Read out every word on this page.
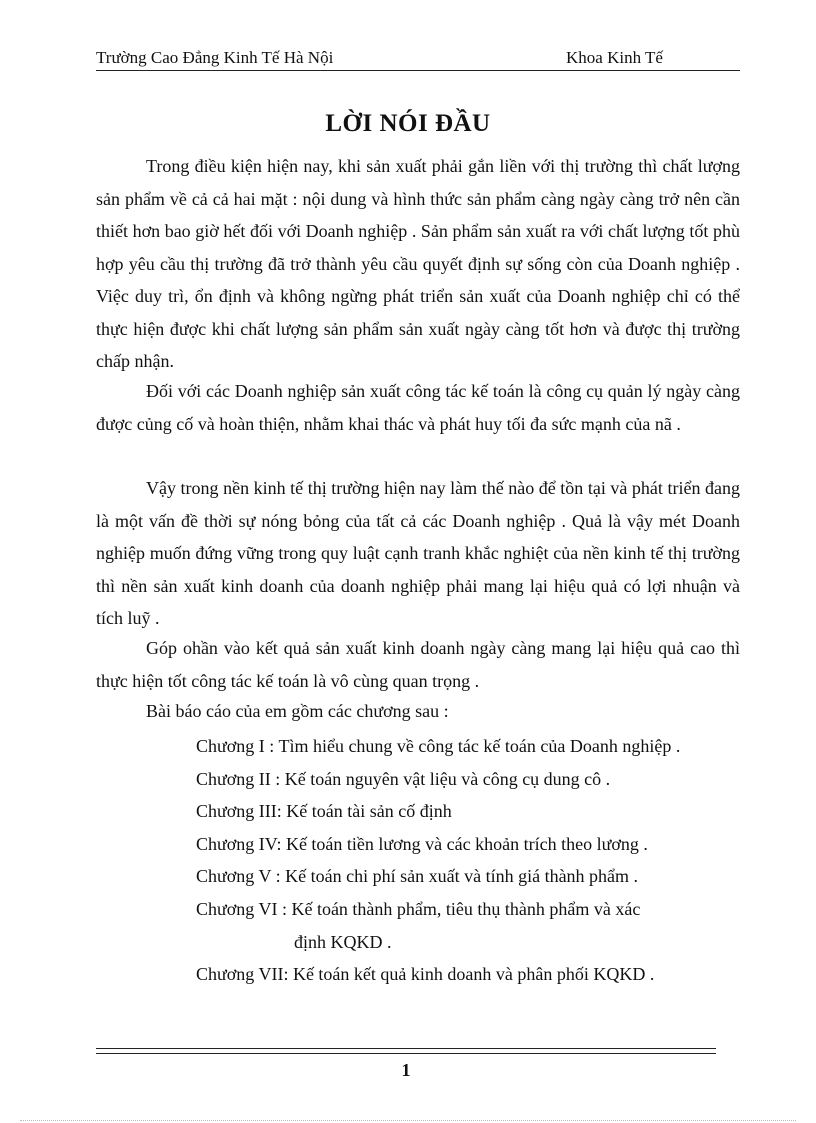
Trường Cao Đẳng Kinh Tế Hà Nội	Khoa Kinh Tế
LỜI NÓI ĐẦU

Trong điều kiện hiện nay, khi sản xuất phải gắn liền với thị trường thì chất lượng sản phẩm về cả cả hai mặt : nội dung và hình thức sản phẩm càng ngày càng trở nên cần thiết hơn bao giờ hết đối với Doanh nghiệp . Sản phẩm sản xuất ra với chất lượng tốt phù hợp yêu cầu thị trường đã trở thành yêu cầu quyết định sự sống còn của Doanh nghiệp . Việc duy trì, ổn định và không ngừng phát triển sản xuất của Doanh nghiệp chỉ có thể thực hiện được khi chất lượng sản phẩm sản xuất ngày càng tốt hơn và được thị trường chấp nhận.

Đối với các Doanh nghiệp sản xuất công tác kế toán là công cụ quản lý ngày càng được củng cố và hoàn thiện, nhằm khai thác và phát huy tối đa sức mạnh của nã .

Vậy trong nền kinh tế thị trường hiện nay làm thế nào để tồn tại và phát triển đang là một vấn đề thời sự nóng bỏng của tất cả các Doanh nghiệp . Quả là vậy mét Doanh nghiệp muốn đứng vững trong quy luật cạnh tranh khắc nghiệt của nền kinh tế thị trường thì nền sản xuất kinh doanh của doanh nghiệp phải mang lại hiệu quả có lợi nhuận và tích luỹ .

Góp ohần vào kết quả sản xuất kinh doanh ngày càng mang lại hiệu quả cao thì thực hiện tốt công tác kế toán là vô cùng quan trọng .

Bài báo cáo của em gồm các chương sau :
Chương I : Tìm hiểu chung về công tác kế toán của Doanh nghiệp .
Chương II : Kế toán nguyên vật liệu và công cụ dung cô .
Chương III: Kế toán tài sản cố định
Chương IV: Kế toán tiền lương và các khoản trích theo lương .
Chương V : Kế toán chi phí sản xuất và tính giá thành phẩm .
Chương VI : Kế toán thành phẩm, tiêu thụ thành phẩm và xác
định KQKD .
Chương VII: Kế toán kết quả kinh doanh và phân phối KQKD .
1
